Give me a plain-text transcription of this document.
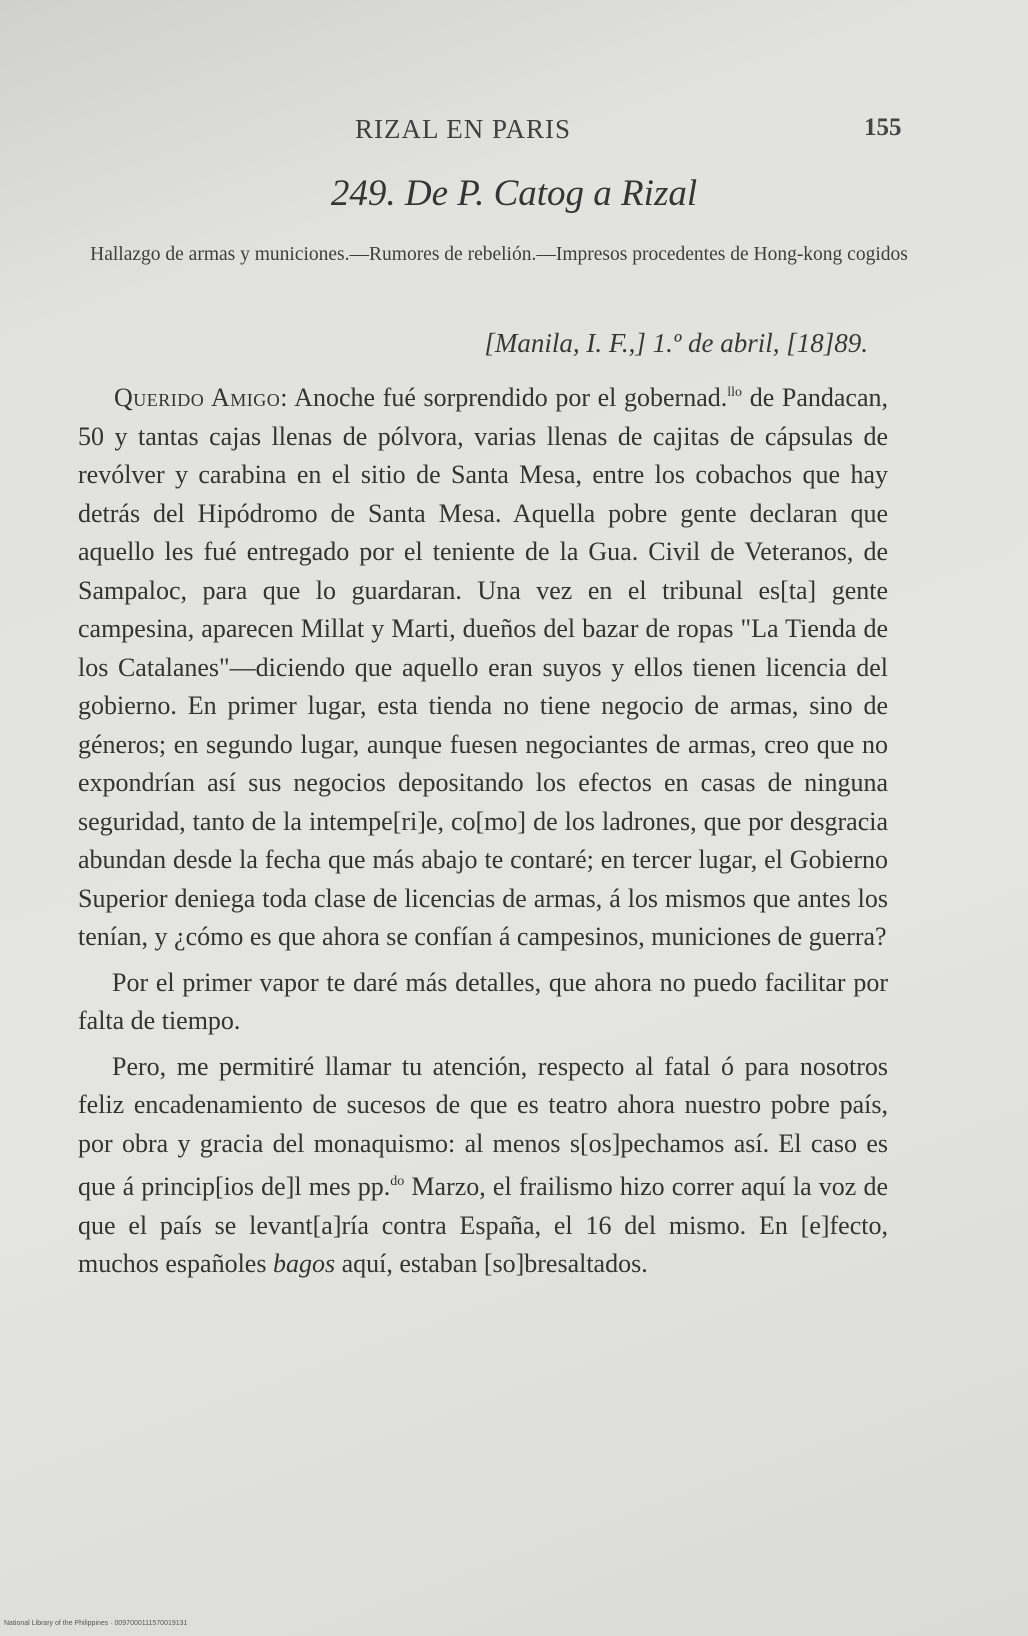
RIZAL EN PARIS	155
249. De P. Catog a Rizal
Hallazgo de armas y municiones.—Rumores de rebelión.—Impresos procedentes de Hong-kong cogidos
[Manila, I. F.,] 1.º de abril, [18]89.

Querido Amigo: Anoche fué sorprendido por el gobernad.$^{llo}$ de Pandacan, 50 y tantas cajas llenas de pólvora, varias llenas de cajitas de cápsulas de revólver y carabina en el sitio de Santa Mesa, entre los cobachos que hay detrás del Hipódromo de Santa Mesa. Aquella pobre gente declaran que aquello les fué entregado por el teniente de la Gua. Civil de Veteranos, de Sampaloc, para que lo guardaran. Una vez en el tribunal es[ta] gente campesina, aparecen Millat y Marti, dueños del bazar de ropas "La Tienda de los Catalanes"—diciendo que aquello eran suyos y ellos tienen licencia del gobierno. En primer lugar, esta tienda no tiene negocio de armas, sino de géneros; en segundo lugar, aunque fuesen negociantes de armas, creo que no expondrían así sus negocios depositando los efectos en casas de ninguna seguridad, tanto de la intempe[ri]e, co[mo] de los ladrones, que por desgracia abundan desde la fecha que más abajo te contaré; en tercer lugar, el Gobierno Superior deniega toda clase de licencias de armas, á los mismos que antes los tenían, y ¿cómo es que ahora se confían á campesinos, municiones de guerra?

Por el primer vapor te daré más detalles, que ahora no puedo facilitar por falta de tiempo.

Pero, me permitiré llamar tu atención, respecto al fatal ó para nosotros feliz encadenamiento de sucesos de que es teatro ahora nuestro pobre país, por obra y gracia del monaquismo: al menos s[os]pechamos así. El caso es que á princip[ios de]l mes pp.$^{do}$ Marzo, el frailismo hizo correr aquí la voz de que el país se levant[a]ría contra España, el 16 del mismo. En [e]fecto, muchos españoles bagos aquí, estaban [so]bresaltados.

National Library of the Philippines · 0097000111570019131
